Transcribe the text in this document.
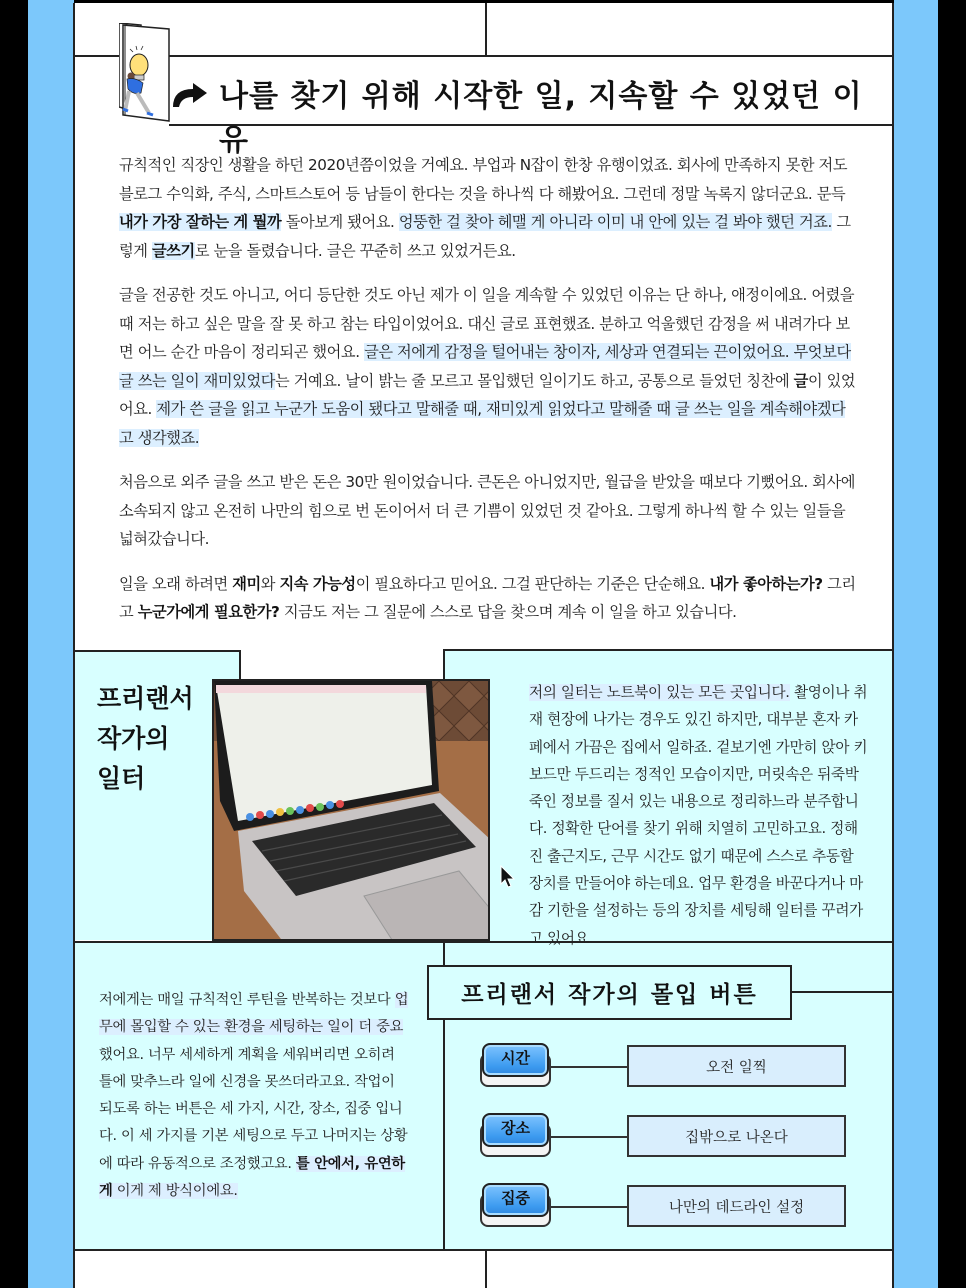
나를 찾기 위해 시작한 일, 지속할 수 있었던 이유

규칙적인 직장인 생활을 하던 2020년쯤이었을 거예요. 부업과 N잡이 한창 유행이었죠. 회사에 만족하지 못한 저도 블로그 수익화, 주식, 스마트스토어 등 남들이 한다는 것을 하나씩 다 해봤어요. 그런데 정말 녹록지 않더군요. 문득 내가 가장 잘하는 게 뭘까 돌아보게 됐어요. 엉뚱한 걸 찾아 헤맬 게 아니라 이미 내 안에 있는 걸 봐야 했던 거죠. 그렇게 글쓰기로 눈을 돌렸습니다. 글은 꾸준히 쓰고 있었거든요.

글을 전공한 것도 아니고, 어디 등단한 것도 아닌 제가 이 일을 계속할 수 있었던 이유는 단 하나, 애정이에요. 어렸을 때 저는 하고 싶은 말을 잘 못 하고 참는 타입이었어요. 대신 글로 표현했죠. 분하고 억울했던 감정을 써 내려가다 보면 어느 순간 마음이 정리되곤 했어요. 글은 저에게 감정을 털어내는 창이자, 세상과 연결되는 끈이었어요. 무엇보다 글 쓰는 일이 재미있었다는 거예요. 날이 밝는 줄 모르고 몰입했던 일이기도 하고, 공통으로 들었던 칭찬에 글이 있었어요. 제가 쓴 글을 읽고 누군가 도움이 됐다고 말해줄 때, 재미있게 읽었다고 말해줄 때 글 쓰는 일을 계속해야겠다고 생각했죠.

처음으로 외주 글을 쓰고 받은 돈은 30만 원이었습니다. 큰돈은 아니었지만, 월급을 받았을 때보다 기뻤어요. 회사에 소속되지 않고 온전히 나만의 힘으로 번 돈이어서 더 큰 기쁨이 있었던 것 같아요. 그렇게 하나씩 할 수 있는 일들을 넓혀갔습니다.

일을 오래 하려면 재미와 지속 가능성이 필요하다고 믿어요. 그걸 판단하는 기준은 단순해요. 내가 좋아하는가? 그리고 누군가에게 필요한가? 지금도 저는 그 질문에 스스로 답을 찾으며 계속 이 일을 하고 있습니다.

프리랜서
작가의
일터
저의 일터는 노트북이 있는 모든 곳입니다. 촬영이나 취재 현장에 나가는 경우도 있긴 하지만, 대부분 혼자 카페에서 가끔은 집에서 일하죠. 겉보기엔 가만히 앉아 키보드만 두드리는 정적인 모습이지만, 머릿속은 뒤죽박죽인 정보를 질서 있는 내용으로 정리하느라 분주합니다. 정확한 단어를 찾기 위해 치열히 고민하고요. 정해진 출근지도, 근무 시간도 없기 때문에 스스로 추동할 장치를 만들어야 하는데요. 업무 환경을 바꾼다거나 마감 기한을 설정하는 등의 장치를 세팅해 일터를 꾸려가고 있어요.
저에게는 매일 규칙적인 루틴을 반복하는 것보다 업무에 몰입할 수 있는 환경을 세팅하는 일이 더 중요했어요. 너무 세세하게 계획을 세워버리면 오히려 틀에 맞추느라 일에 신경을 못쓰더라고요. 작업이 되도록 하는 버튼은 세 가지, 시간, 장소, 집중 입니다. 이 세 가지를 기본 세팅으로 두고 나머지는 상황에 따라 유동적으로 조정했고요. 틀 안에서, 유연하게 이게 제 방식이에요.
프리랜서 작가의 몰입 버튼
시간
오전 일찍
장소
집밖으로 나온다
집중
나만의 데드라인 설정
